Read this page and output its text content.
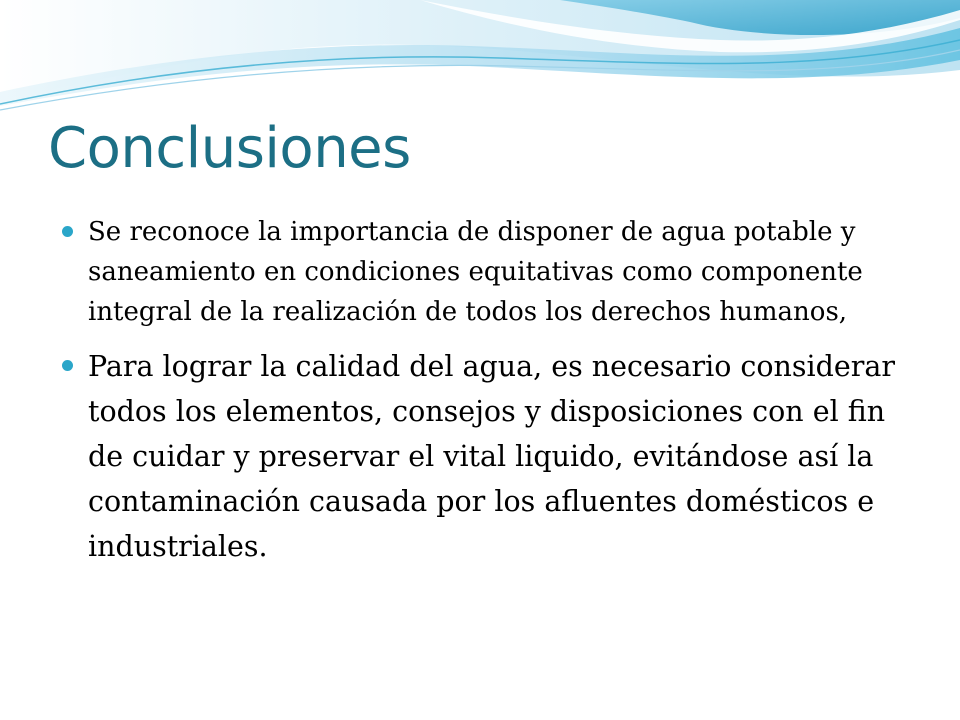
Conclusiones
Se reconoce la importancia de disponer de agua potable y saneamiento en condiciones equitativas como componente integral de la realización de todos los derechos humanos,
Para lograr la calidad del agua, es necesario considerar todos los elementos, consejos y disposiciones con el fin de cuidar y preservar el vital liquido, evitándose así la contaminación causada por los afluentes domésticos e industriales.
